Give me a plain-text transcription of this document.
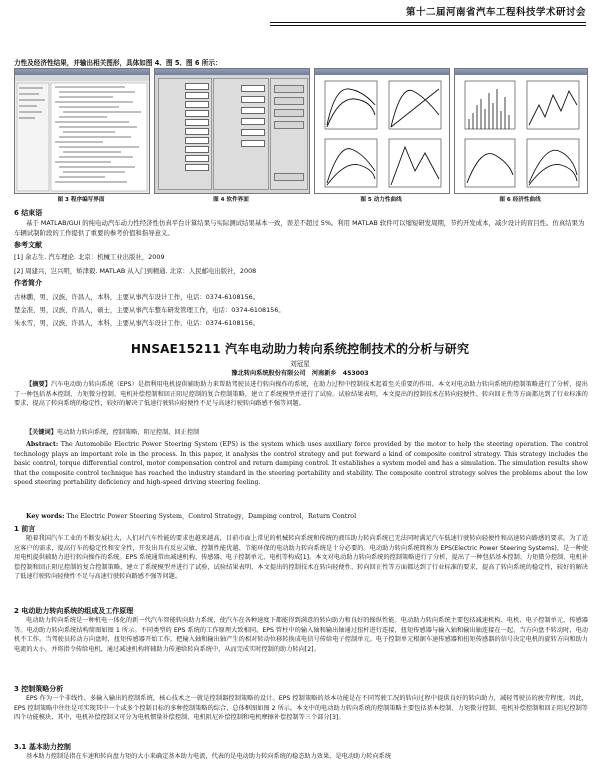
第十二届河南省汽车工程科技学术研讨会
力性及经济性结果，并输出相关图形，具体如图 4、图 5、图 6 所示：
图 3 程序编写界面	图 4 软件界面	图 5 动力性曲线	图 6 经济性曲线
6 结束语
基于 MATLAB/GUI 的纯电动汽车动力性经济性仿真平台计算结果与实际测试结果基本一致，误差不超过 5%。利用 MATLAB 软件可以缩短研发周期，节约开发成本，减少设计的盲目性。仿真结果为车辆试制阶段的工作提供了重要的参考价值和指导意义。
参考文献
[1] 余志生. 汽车理论. 北京：机械工业出版社，2009
[2] 周建兴，岂兴明，矫津毅. MATLAB 从入门到精通. 北京：人民邮电出版社，2008
作者简介
古林鹏，男，汉族，许昌人，本科，主要从事汽车设计工作，电话：0374-6108156。
楚金准，男，汉族，许昌人，硕士，主要从事汽车整车研发管理工作，电话：0374-6108156。
朱永雪，男，汉族，许昌人，本科，主要从事汽车设计工作，电话：0374-6108156。
HNSAE15211 汽车电动助力转向系统控制技术的分析与研究
刘冠星
豫北转向系统股份有限公司　河南新乡　453003
【摘要】汽车电动助力转向系统（EPS）是指利用电机提供辅助助力来帮助驾驶员进行转向操作的系统，在助力过程中控制技术起着至关重要的作用。本文对电动助力转向系统的控制策略进行了分析，提出了一种包括基本控制、力矩微分控制、电机补偿控制和回正阻尼控制的复合控制策略，建立了系统模型并进行了试验。试验结果表明，本文提出的控制技术在转向轻便性、转向回正性等方面都达到了行业标准的要求，提高了转向系统的稳定性，较好的解决了低速行驶转向轻便性不足与高速行驶转向路感不强等问题。
【关键词】电动助力转向系统，控制策略，阻尼控制，回正控制
Abstract: The Automobile Electric Power Steering System (EPS) is the system which uses auxiliary force provided by the motor to help the steering operation. The control technology plays an important role in the process. In this paper, it analysis the control strategy and put forward a kind of composite control strategy. This strategy includes the basic control, torque differential control, motor compensation control and return damping control. It establishes a system model and has a simulation. The simulation results show that the composite control technique has reached the industry standard in the steering portability and stability. The composite control strategy solves the problems about the low speed steering portability deficiency and high-speed driving steering feeling.
Key words: The Electric Power Steering System，Control Strategy，Damping control，Return Control
1 前言
随着我国汽车工业的不断发展壮大，人们对汽车性能的要求也越来越高，目前市面上常见的机械转向系统和传统的液压助力转向系统已无法同时满足汽车低速行驶转向轻便性和高速转向路感的要求。为了适应客户的需求，提高行车的稳定性和安全性，开发出具有反应灵敏、控制性能优越、节能环保的电动助力转向系统是十分必要的。电动助力转向系统简称为 EPS(Electric Power Steering Systems)，是一种使用电机提供辅助力进行转向操作的系统。EPS 系统通常由减速机构、传感器、电子控制单元、电机等构成[1]。本文对电动助力转向系统的控制策略进行了分析，提出了一种包括基本控制、力矩微分控制、电机补偿控制和回正阻尼控制的复合控制策略，建立了系统模型并进行了试验，试验结果表明，本文提出的控制技术在转向轻便性、转向回正性等方面都达到了行业标准的要求，提高了转向系统的稳定性，较好的解决了低速行驶转向轻便性不足与高速行驶转向路感不强等问题。
2 电动助力转向系统的组成及工作原理
电动助力转向系统是一种机电一体化的新一代汽车智能转向助力系统，使汽车在各种速度下都能得到满意的转向助力和良好的操纵性能。电动助力转向系统主要包括减速机构、电机、电子控制单元、传感器等。电动助力转向系统结构简图如图 1 所示。不同类型的 EPS 系统的工作原理大致相同。EPS 管柱中的输入轴和输出轴通过扭杆进行连接，扭矩传感器与输入轴和输出轴连接在一起，当方向盘不转动时，电动机不工作。当驾驶员转动方向盘时，扭矩传感器开始工作，把输入轴和输出轴产生的相对转动位移转换成电信号传给电子控制单元。电子控制单元根据车速传感器和扭矩传感器的信号决定电机的旋转方向和助力电流的大小，并将指令传给电机，通过减速机构将辅助力传递给转向系统中，从而完成实时控制的助力转向[2]。
3 控制策略分析
EPS 作为一个非线性、多输入输出的控制系统，核心技术之一就是控制器控制策略的设计。EPS 控制策略的基本功能是在不同驾驶工况的转向过程中提供良好的转向助力，减轻驾驶员的疲劳程度。因此，EPS 控制策略中往往是可实现其中一个或多个控制目标的多种控制策略的综合，总体框图如图 2 所示。本文中的电动助力转向系统的控制策略主要包括基本控制、力矩微分控制、电机补偿控制和回正阻尼控制等四个功能模块，其中，电机补偿控制又可分为电机惯量补偿控制、电机阻尼补偿控制和电机摩擦补偿控制等三个部分[3]。
3.1 基本助力控制
基本助力控制是指在车速和转向盘力矩的大小来确定基本助力电流，代表的是电动助力转向系统的稳态助力效果，是电动助力转向系统
